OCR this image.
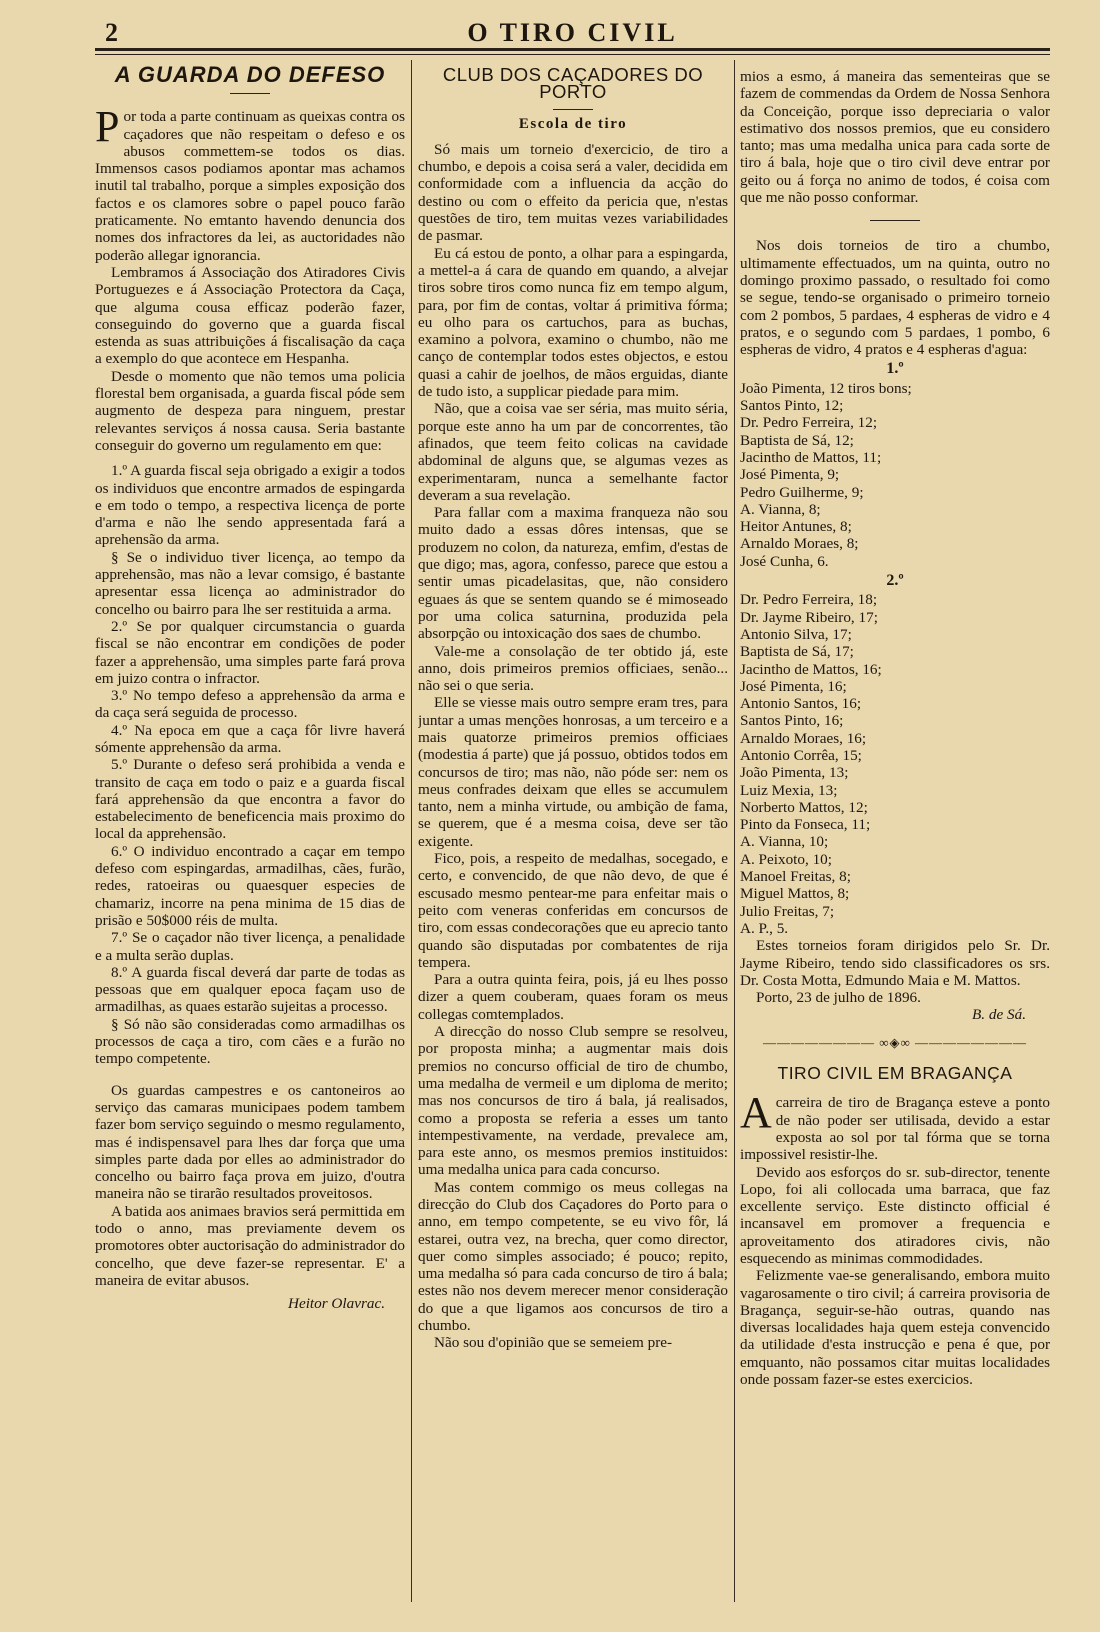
2	O TIRO CIVIL
A GUARDA DO DEFESO

Por toda a parte continuam as queixas contra os caçadores que não respeitam o defeso e os abusos commettem-se todos os dias. Immensos casos podiamos apontar mas achamos inutil tal trabalho, porque a simples exposição dos factos e os clamores sobre o papel pouco farão praticamente. No emtanto havendo denuncia dos nomes dos infractores da lei, as auctoridades não poderão allegar ignorancia.

Lembramos á Associação dos Atiradores Civis Portuguezes e á Associação Protectora da Caça, que alguma cousa efficaz poderão fazer, conseguindo do governo que a guarda fiscal estenda as suas attribuições á fiscalisação da caça a exemplo do que acontece em Hespanha.

Desde o momento que não temos uma policia florestal bem organisada, a guarda fiscal póde sem augmento de despeza para ninguem, prestar relevantes serviços á nossa causa. Seria bastante conseguir do governo um regulamento em que:

1.º A guarda fiscal seja obrigado a exigir a todos os individuos que encontre armados de espingarda e em todo o tempo, a respectiva licença de porte d'arma e não lhe sendo appresentada fará a aprehensão da arma.

§ Se o individuo tiver licença, ao tempo da apprehensão, mas não a levar comsigo, é bastante apresentar essa licença ao administrador do concelho ou bairro para lhe ser restituida a arma.

2.º Se por qualquer circumstancia o guarda fiscal se não encontrar em condições de poder fazer a apprehensão, uma simples parte fará prova em juizo contra o infractor.

3.º No tempo defeso a apprehensão da arma e da caça será seguida de processo.

4.º Na epoca em que a caça fôr livre haverá sómente apprehensão da arma.

5.º Durante o defeso será prohibida a venda e transito de caça em todo o paiz e a guarda fiscal fará apprehensão da que encontra a favor do estabelecimento de beneficencia mais proximo do local da apprehensão.

6.º O individuo encontrado a caçar em tempo defeso com espingardas, armadilhas, cães, furão, redes, ratoeiras ou quaesquer especies de chamariz, incorre na pena minima de 15 dias de prisão e 50$000 réis de multa.

7.º Se o caçador não tiver licença, a penalidade e a multa serão duplas.

8.º A guarda fiscal deverá dar parte de todas as pessoas que em qualquer epoca façam uso de armadilhas, as quaes estarão sujeitas a processo.

§ Só não são consideradas como armadilhas os processos de caça a tiro, com cães e a furão no tempo competente.

Os guardas campestres e os cantoneiros ao serviço das camaras municipaes podem tambem fazer bom serviço seguindo o mesmo regulamento, mas é indispensavel para lhes dar força que uma simples parte dada por elles ao administrador do concelho ou bairro faça prova em juizo, d'outra maneira não se tirarão resultados proveitosos.

A batida aos animaes bravios será permittida em todo o anno, mas previamente devem os promotores obter auctorisação do administrador do concelho, que deve fazer-se representar. E' a maneira de evitar abusos.

Heitor Olavrac.
CLUB DOS CAÇADORES DO PORTO
Escola de tiro

Só mais um torneio d'exercicio, de tiro a chumbo, e depois a coisa será a valer, decidida em conformidade com a influencia da acção do destino ou com o effeito da pericia que, n'estas questões de tiro, tem muitas vezes variabilidades de pasmar.

Eu cá estou de ponto, a olhar para a espingarda, a mettel-a á cara de quando em quando, a alvejar tiros sobre tiros como nunca fiz em tempo algum, para, por fim de contas, voltar á primitiva fórma; eu olho para os cartuchos, para as buchas, examino a polvora, examino o chumbo, não me canço de contemplar todos estes objectos, e estou quasi a cahir de joelhos, de mãos erguidas, diante de tudo isto, a supplicar piedade para mim.

Não, que a coisa vae ser séria, mas muito séria, porque este anno ha um par de concorrentes, tão afinados, que teem feito colicas na cavidade abdominal de alguns que, se algumas vezes as experimentaram, nunca a semelhante factor deveram a sua revelação.

Para fallar com a maxima franqueza não sou muito dado a essas dôres intensas, que se produzem no colon, da natureza, emfim, d'estas de que digo; mas, agora, confesso, parece que estou a sentir umas picadelasitas, que, não considero eguaes ás que se sentem quando se é mimoseado por uma colica saturnina, produzida pela absorpção ou intoxicação dos saes de chumbo.

Vale-me a consolação de ter obtido já, este anno, dois primeiros premios officiaes, senão... não sei o que seria.

Elle se viesse mais outro sempre eram tres, para juntar a umas menções honrosas, a um terceiro e a mais quatorze primeiros premios officiaes (modestia á parte) que já possuo, obtidos todos em concursos de tiro; mas não, não póde ser: nem os meus confrades deixam que elles se accumulem tanto, nem a minha virtude, ou ambição de fama, se querem, que é a mesma coisa, deve ser tão exigente.

Fico, pois, a respeito de medalhas, socegado, e certo, e convencido, de que não devo, de que é escusado mesmo pentear-me para enfeitar mais o peito com veneras conferidas em concursos de tiro, com essas condecorações que eu aprecio tanto quando são disputadas por combatentes de rija tempera.

Para a outra quinta feira, pois, já eu lhes posso dizer a quem couberam, quaes foram os meus collegas comtemplados.

A direcção do nosso Club sempre se resolveu, por proposta minha; a augmentar mais dois premios no concurso official de tiro de chumbo, uma medalha de vermeil e um diploma de merito; mas nos concursos de tiro á bala, já realisados, como a proposta se referia a esses um tanto intempestivamente, na verdade, prevalece am, para este anno, os mesmos premios instituidos: uma medalha unica para cada concurso.

Mas contem commigo os meus collegas na direcção do Club dos Caçadores do Porto para o anno, em tempo competente, se eu vivo fôr, lá estarei, outra vez, na brecha, quer como director, quer como simples associado; é pouco; repito, uma medalha só para cada concurso de tiro á bala; estes não nos devem merecer menor consideração do que a que ligamos aos concursos de tiro a chumbo.

Não sou d'opinião que se semeiem pre-

mios a esmo, á maneira das sementeiras que se fazem de commendas da Ordem de Nossa Senhora da Conceição, porque isso depreciaria o valor estimativo dos nossos premios, que eu considero tanto; mas uma medalha unica para cada sorte de tiro á bala, hoje que o tiro civil deve entrar por geito ou á força no animo de todos, é coisa com que me não posso conformar.

Nos dois torneios de tiro a chumbo, ultimamente effectuados, um na quinta, outro no domingo proximo passado, o resultado foi como se segue, tendo-se organisado o primeiro torneio com 2 pombos, 5 pardaes, 4 espheras de vidro e 4 pratos, e o segundo com 5 pardaes, 1 pombo, 6 espheras de vidro, 4 pratos e 4 espheras d'agua:

1.º
João Pimenta, 12 tiros bons;
Santos Pinto, 12;
Dr. Pedro Ferreira, 12;
Baptista de Sá, 12;
Jacintho de Mattos, 11;
José Pimenta, 9;
Pedro Guilherme, 9;
A. Vianna, 8;
Heitor Antunes, 8;
Arnaldo Moraes, 8;
José Cunha, 6.
2.º
Dr. Pedro Ferreira, 18;
Dr. Jayme Ribeiro, 17;
Antonio Silva, 17;
Baptista de Sá, 17;
Jacintho de Mattos, 16;
José Pimenta, 16;
Antonio Santos, 16;
Santos Pinto, 16;
Arnaldo Moraes, 16;
Antonio Corrêa, 15;
João Pimenta, 13;
Luiz Mexia, 13;
Norberto Mattos, 12;
Pinto da Fonseca, 11;
A. Vianna, 10;
A. Peixoto, 10;
Manoel Freitas, 8;
Miguel Mattos, 8;
Julio Freitas, 7;
A. P., 5.

Estes torneios foram dirigidos pelo Sr. Dr. Jayme Ribeiro, tendo sido classificadores os srs. Dr. Costa Motta, Edmundo Maia e M. Mattos.

Porto, 23 de julho de 1896.

B. de Sá.
———————— ∞◈∞ ————————
TIRO CIVIL EM BRAGANÇA

Acarreira de tiro de Bragança esteve a ponto de não poder ser utilisada, devido a estar exposta ao sol por tal fórma que se torna impossivel resistir-lhe.

Devido aos esforços do sr. sub-director, tenente Lopo, foi ali collocada uma barraca, que faz excellente serviço. Este distincto official é incansavel em promover a frequencia e aproveitamento dos atiradores civis, não esquecendo as minimas commodidades.

Felizmente vae-se generalisando, embora muito vagarosamente o tiro civil; á carreira provisoria de Bragança, seguir-se-hão outras, quando nas diversas localidades haja quem esteja convencido da utilidade d'esta instrucção e pena é que, por emquanto, não possamos citar muitas localidades onde possam fazer-se estes exercicios.
